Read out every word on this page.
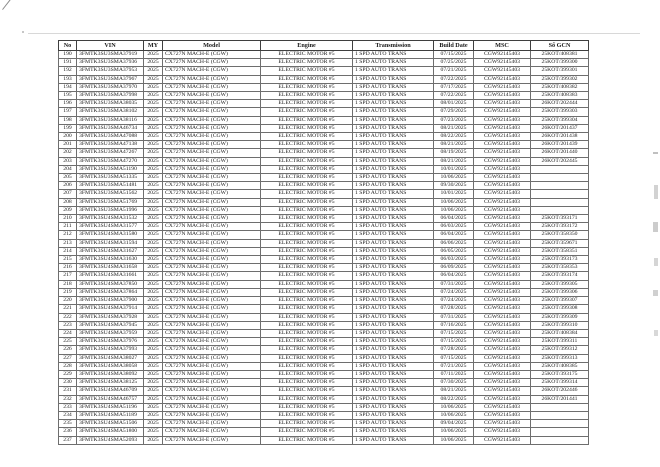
No	VIN	MY	Model	Engine	Transmission	Build Date	MSC	Số GCN
190	3FMTK3SU3SMA37919	2025	CX727N MACH-E (CGW)	ELECTRIC MOTOR #5	1 SPD AUTO TRANS	07/15/2025	CGW92145403	25KOT/408381
191	3FMTK3SU3SMA37936	2025	CX727N MACH-E (CGW)	ELECTRIC MOTOR #5	1 SPD AUTO TRANS	07/25/2025	CGW92145403	25KOT/399300
192	3FMTK3SU3SMA37953	2025	CX727N MACH-E (CGW)	ELECTRIC MOTOR #5	1 SPD AUTO TRANS	07/21/2025	CGW92145403	25KOT/399301
193	3FMTK3SU3SMA37967	2025	CX727N MACH-E (CGW)	ELECTRIC MOTOR #5	1 SPD AUTO TRANS	07/22/2025	CGW92145403	25KOT/399302
194	3FMTK3SU3SMA37970	2025	CX727N MACH-E (CGW)	ELECTRIC MOTOR #5	1 SPD AUTO TRANS	07/17/2025	CGW92145403	25KOT/408382
195	3FMTK3SU3SMA37998	2025	CX727N MACH-E (CGW)	ELECTRIC MOTOR #5	1 SPD AUTO TRANS	07/22/2025	CGW92145403	25KOT/408383
196	3FMTK3SU3SMA38035	2025	CX727N MACH-E (CGW)	ELECTRIC MOTOR #5	1 SPD AUTO TRANS	08/01/2025	CGW92145403	26KOT/202444
197	3FMTK3SU3SMA38102	2025	CX727N MACH-E (CGW)	ELECTRIC MOTOR #5	1 SPD AUTO TRANS	07/29/2025	CGW92145403	25KOT/399303
198	3FMTK3SU3SMA38116	2025	CX727N MACH-E (CGW)	ELECTRIC MOTOR #5	1 SPD AUTO TRANS	07/23/2025	CGW92145403	25KOT/399304
199	3FMTK3SU3SMA46734	2025	CX727N MACH-E (CGW)	ELECTRIC MOTOR #5	1 SPD AUTO TRANS	08/21/2025	CGW92145403	26KOT/201437
200	3FMTK3SU3SMA47088	2025	CX727N MACH-E (CGW)	ELECTRIC MOTOR #5	1 SPD AUTO TRANS	08/22/2025	CGW92145403	26KOT/201438
201	3FMTK3SU3SMA47138	2025	CX727N MACH-E (CGW)	ELECTRIC MOTOR #5	1 SPD AUTO TRANS	08/21/2025	CGW92145403	26KOT/201439
202	3FMTK3SU3SMA47267	2025	CX727N MACH-E (CGW)	ELECTRIC MOTOR #5	1 SPD AUTO TRANS	08/19/2025	CGW92145403	26KOT/201440
203	3FMTK3SU3SMA47270	2025	CX727N MACH-E (CGW)	ELECTRIC MOTOR #5	1 SPD AUTO TRANS	08/21/2025	CGW92145403	26KOT/202445
204	3FMTK3SU3SMA51190	2025	CX727N MACH-E (CGW)	ELECTRIC MOTOR #5	1 SPD AUTO TRANS	10/01/2025	CGW92145403	
205	3FMTK3SU3SMA51335	2025	CX727N MACH-E (CGW)	ELECTRIC MOTOR #5	1 SPD AUTO TRANS	10/06/2025	CGW92145403	
206	3FMTK3SU3SMA51481	2025	CX727N MACH-E (CGW)	ELECTRIC MOTOR #5	1 SPD AUTO TRANS	09/30/2025	CGW92145403	
207	3FMTK3SU3SMA51562	2025	CX727N MACH-E (CGW)	ELECTRIC MOTOR #5	1 SPD AUTO TRANS	10/01/2025	CGW92145403	
208	3FMTK3SU3SMA51769	2025	CX727N MACH-E (CGW)	ELECTRIC MOTOR #5	1 SPD AUTO TRANS	10/06/2025	CGW92145403	
209	3FMTK3SU3SMA51996	2025	CX727N MACH-E (CGW)	ELECTRIC MOTOR #5	1 SPD AUTO TRANS	10/06/2025	CGW92145403	
210	3FMTK3SU4SMA31532	2025	CX727N MACH-E (CGW)	ELECTRIC MOTOR #5	1 SPD AUTO TRANS	06/04/2025	CGW92145403	25KOT/393171
211	3FMTK3SU4SMA31577	2025	CX727N MACH-E (CGW)	ELECTRIC MOTOR #5	1 SPD AUTO TRANS	06/03/2025	CGW92145403	25KOT/393172
212	3FMTK3SU4SMA31580	2025	CX727N MACH-E (CGW)	ELECTRIC MOTOR #5	1 SPD AUTO TRANS	06/04/2025	CGW92145403	25KOT/358350
213	3FMTK3SU4SMA31594	2025	CX727N MACH-E (CGW)	ELECTRIC MOTOR #5	1 SPD AUTO TRANS	06/06/2025	CGW92145403	25KOT/359671
214	3FMTK3SU4SMA31627	2025	CX727N MACH-E (CGW)	ELECTRIC MOTOR #5	1 SPD AUTO TRANS	06/05/2025	CGW92145403	25KOT/358351
215	3FMTK3SU4SMA31630	2025	CX727N MACH-E (CGW)	ELECTRIC MOTOR #5	1 SPD AUTO TRANS	06/03/2025	CGW92145403	25KOT/393173
216	3FMTK3SU4SMA31658	2025	CX727N MACH-E (CGW)	ELECTRIC MOTOR #5	1 SPD AUTO TRANS	06/09/2025	CGW92145403	25KOT/358353
217	3FMTK3SU4SMA31661	2025	CX727N MACH-E (CGW)	ELECTRIC MOTOR #5	1 SPD AUTO TRANS	06/04/2025	CGW92145403	25KOT/393174
218	3FMTK3SU4SMA37850	2025	CX727N MACH-E (CGW)	ELECTRIC MOTOR #5	1 SPD AUTO TRANS	07/31/2025	CGW92145403	25KOT/399305
219	3FMTK3SU4SMA37864	2025	CX727N MACH-E (CGW)	ELECTRIC MOTOR #5	1 SPD AUTO TRANS	07/24/2025	CGW92145403	25KOT/399306
220	3FMTK3SU4SMA37900	2025	CX727N MACH-E (CGW)	ELECTRIC MOTOR #5	1 SPD AUTO TRANS	07/24/2025	CGW92145403	25KOT/399307
221	3FMTK3SU4SMA37914	2025	CX727N MACH-E (CGW)	ELECTRIC MOTOR #5	1 SPD AUTO TRANS	07/28/2025	CGW92145403	25KOT/399308
222	3FMTK3SU4SMA37928	2025	CX727N MACH-E (CGW)	ELECTRIC MOTOR #5	1 SPD AUTO TRANS	07/31/2025	CGW92145403	25KOT/399309
223	3FMTK3SU4SMA37945	2025	CX727N MACH-E (CGW)	ELECTRIC MOTOR #5	1 SPD AUTO TRANS	07/16/2025	CGW92145403	25KOT/399310
224	3FMTK3SU4SMA37959	2025	CX727N MACH-E (CGW)	ELECTRIC MOTOR #5	1 SPD AUTO TRANS	07/15/2025	CGW92145403	25KOT/408384
225	3FMTK3SU4SMA37976	2025	CX727N MACH-E (CGW)	ELECTRIC MOTOR #5	1 SPD AUTO TRANS	07/15/2025	CGW92145403	25KOT/399311
226	3FMTK3SU4SMA37993	2025	CX727N MACH-E (CGW)	ELECTRIC MOTOR #5	1 SPD AUTO TRANS	07/28/2025	CGW92145403	25KOT/399312
227	3FMTK3SU4SMA38027	2025	CX727N MACH-E (CGW)	ELECTRIC MOTOR #5	1 SPD AUTO TRANS	07/15/2025	CGW92145403	25KOT/399313
228	3FMTK3SU4SMA38058	2025	CX727N MACH-E (CGW)	ELECTRIC MOTOR #5	1 SPD AUTO TRANS	07/21/2025	CGW92145403	25KOT/408385
229	3FMTK3SU4SMA38092	2025	CX727N MACH-E (CGW)	ELECTRIC MOTOR #5	1 SPD AUTO TRANS	07/11/2025	CGW92145403	25KOT/393175
230	3FMTK3SU4SMA38125	2025	CX727N MACH-E (CGW)	ELECTRIC MOTOR #5	1 SPD AUTO TRANS	07/30/2025	CGW92145403	25KOT/399314
231	3FMTK3SU4SMA46709	2025	CX727N MACH-E (CGW)	ELECTRIC MOTOR #5	1 SPD AUTO TRANS	08/21/2025	CGW92145403	26KOT/202446
232	3FMTK3SU4SMA46757	2025	CX727N MACH-E (CGW)	ELECTRIC MOTOR #5	1 SPD AUTO TRANS	08/22/2025	CGW92145403	26KOT/201441
233	3FMTK3SU4SMA51196	2025	CX727N MACH-E (CGW)	ELECTRIC MOTOR #5	1 SPD AUTO TRANS	10/06/2025	CGW92145403	
234	3FMTK3SU4SMA51189	2025	CX727N MACH-E (CGW)	ELECTRIC MOTOR #5	1 SPD AUTO TRANS	10/06/2025	CGW92145403	
235	3FMTK3SU4SMA51506	2025	CX727N MACH-E (CGW)	ELECTRIC MOTOR #5	1 SPD AUTO TRANS	09/04/2025	CGW92145403	
236	3FMTK3SU4SMA51800	2025	CX727N MACH-E (CGW)	ELECTRIC MOTOR #5	1 SPD AUTO TRANS	10/06/2025	CGW92145403	
237	3FMTK3SU4SMA52093	2025	CX727N MACH-E (CGW)	ELECTRIC MOTOR #5	1 SPD AUTO TRANS	10/06/2025	CGW92145403	
